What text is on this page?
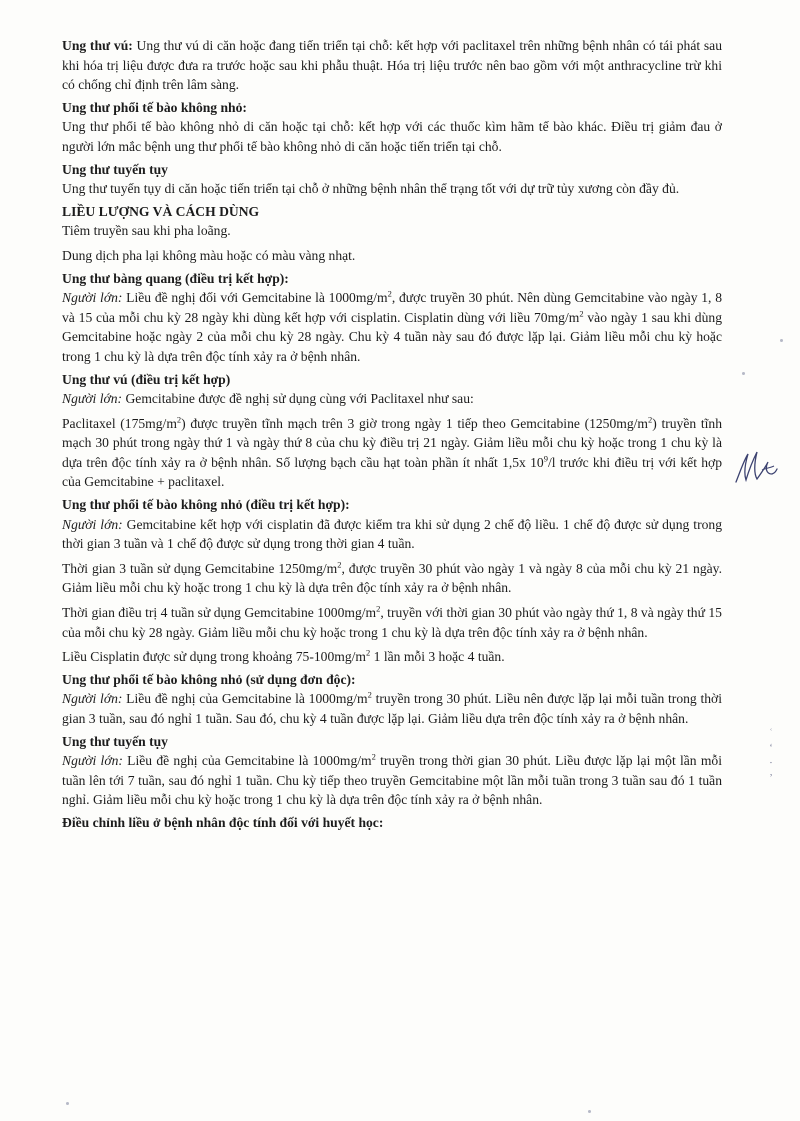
Ung thư vú: Ung thư vú di căn hoặc đang tiến triển tại chỗ: kết hợp với paclitaxel trên những bệnh nhân có tái phát sau khi hóa trị liệu được đưa ra trước hoặc sau khi phẫu thuật. Hóa trị liệu trước nên bao gồm với một anthracycline trừ khi có chống chỉ định trên lâm sàng.

Ung thư phổi tế bào không nhỏ:

Ung thư phổi tế bào không nhỏ di căn hoặc tại chỗ: kết hợp với các thuốc kìm hãm tế bào khác. Điều trị giảm đau ở người lớn mắc bệnh ung thư phổi tế bào không nhỏ di căn hoặc tiến triển tại chỗ.

Ung thư tuyến tụy

Ung thư tuyến tụy di căn hoặc tiến triển tại chỗ ở những bệnh nhân thể trạng tốt với dự trữ tủy xương còn đầy đủ.

LIỀU LƯỢNG VÀ CÁCH DÙNG

Tiêm truyền sau khi pha loãng.

Dung dịch pha lại không màu hoặc có màu vàng nhạt.

Ung thư bàng quang (điều trị kết hợp):

Người lớn: Liều đề nghị đối với Gemcitabine là $1000mg/m^2$, được truyền 30 phút. Nên dùng Gemcitabine vào ngày 1, 8 và 15 của mỗi chu kỳ 28 ngày khi dùng kết hợp với cisplatin. Cisplatin dùng với liều $70mg/m^2$ vào ngày 1 sau khi dùng Gemcitabine hoặc ngày 2 của mỗi chu kỳ 28 ngày. Chu kỳ 4 tuần này sau đó được lặp lại. Giảm liều mỗi chu kỳ hoặc trong 1 chu kỳ là dựa trên độc tính xảy ra ở bệnh nhân.

Ung thư vú (điều trị kết hợp)

Người lớn: Gemcitabine được đề nghị sử dụng cùng với Paclitaxel như sau:

Paclitaxel $(175mg/m^2)$ được truyền tĩnh mạch trên 3 giờ trong ngày 1 tiếp theo Gemcitabine $(1250mg/m^2)$ truyền tĩnh mạch 30 phút trong ngày thứ 1 và ngày thứ 8 của chu kỳ điều trị 21 ngày. Giảm liều mỗi chu kỳ hoặc trong 1 chu kỳ là dựa trên độc tính xảy ra ở bệnh nhân. Số lượng bạch cầu hạt toàn phần ít nhất 1,5x $10^9/l$ trước khi điều trị với kết hợp của Gemcitabine + paclitaxel.

Ung thư phổi tế bào không nhỏ (điều trị kết hợp):

Người lớn: Gemcitabine kết hợp với cisplatin đã được kiểm tra khi sử dụng 2 chế độ liều. 1 chế độ được sử dụng trong thời gian 3 tuần và 1 chế độ được sử dụng trong thời gian 4 tuần.

Thời gian 3 tuần sử dụng Gemcitabine $1250mg/m^2$, được truyền 30 phút vào ngày 1 và ngày 8 của mỗi chu kỳ 21 ngày. Giảm liều mỗi chu kỳ hoặc trong 1 chu kỳ là dựa trên độc tính xảy ra ở bệnh nhân.

Thời gian điều trị 4 tuần sử dụng Gemcitabine $1000mg/m^2$, truyền với thời gian 30 phút vào ngày thứ 1, 8 và ngày thứ 15 của mỗi chu kỳ 28 ngày. Giảm liều mỗi chu kỳ hoặc trong 1 chu kỳ là dựa trên độc tính xảy ra ở bệnh nhân.

Liều Cisplatin được sử dụng trong khoảng $75-100mg/m^2$ 1 lần mỗi 3 hoặc 4 tuần.

Ung thư phổi tế bào không nhỏ (sử dụng đơn độc):

Người lớn: Liều đề nghị của Gemcitabine là $1000mg/m^2$ truyền trong 30 phút. Liều nên được lặp lại mỗi tuần trong thời gian 3 tuần, sau đó nghỉ 1 tuần. Sau đó, chu kỳ 4 tuần được lặp lại. Giảm liều dựa trên độc tính xảy ra ở bệnh nhân.

Ung thư tuyến tụy

Người lớn: Liều đề nghị của Gemcitabine là $1000mg/m^2$ truyền trong thời gian 30 phút. Liều được lặp lại một lần mỗi tuần lên tới 7 tuần, sau đó nghỉ 1 tuần. Chu kỳ tiếp theo truyền Gemcitabine một lần mỗi tuần trong 3 tuần sau đó 1 tuần nghỉ. Giảm liều mỗi chu kỳ hoặc trong 1 chu kỳ là dựa trên độc tính xảy ra ở bệnh nhân.

Điều chỉnh liều ở bệnh nhân độc tính đối với huyết học:

ʿ
‘
⋅
’
